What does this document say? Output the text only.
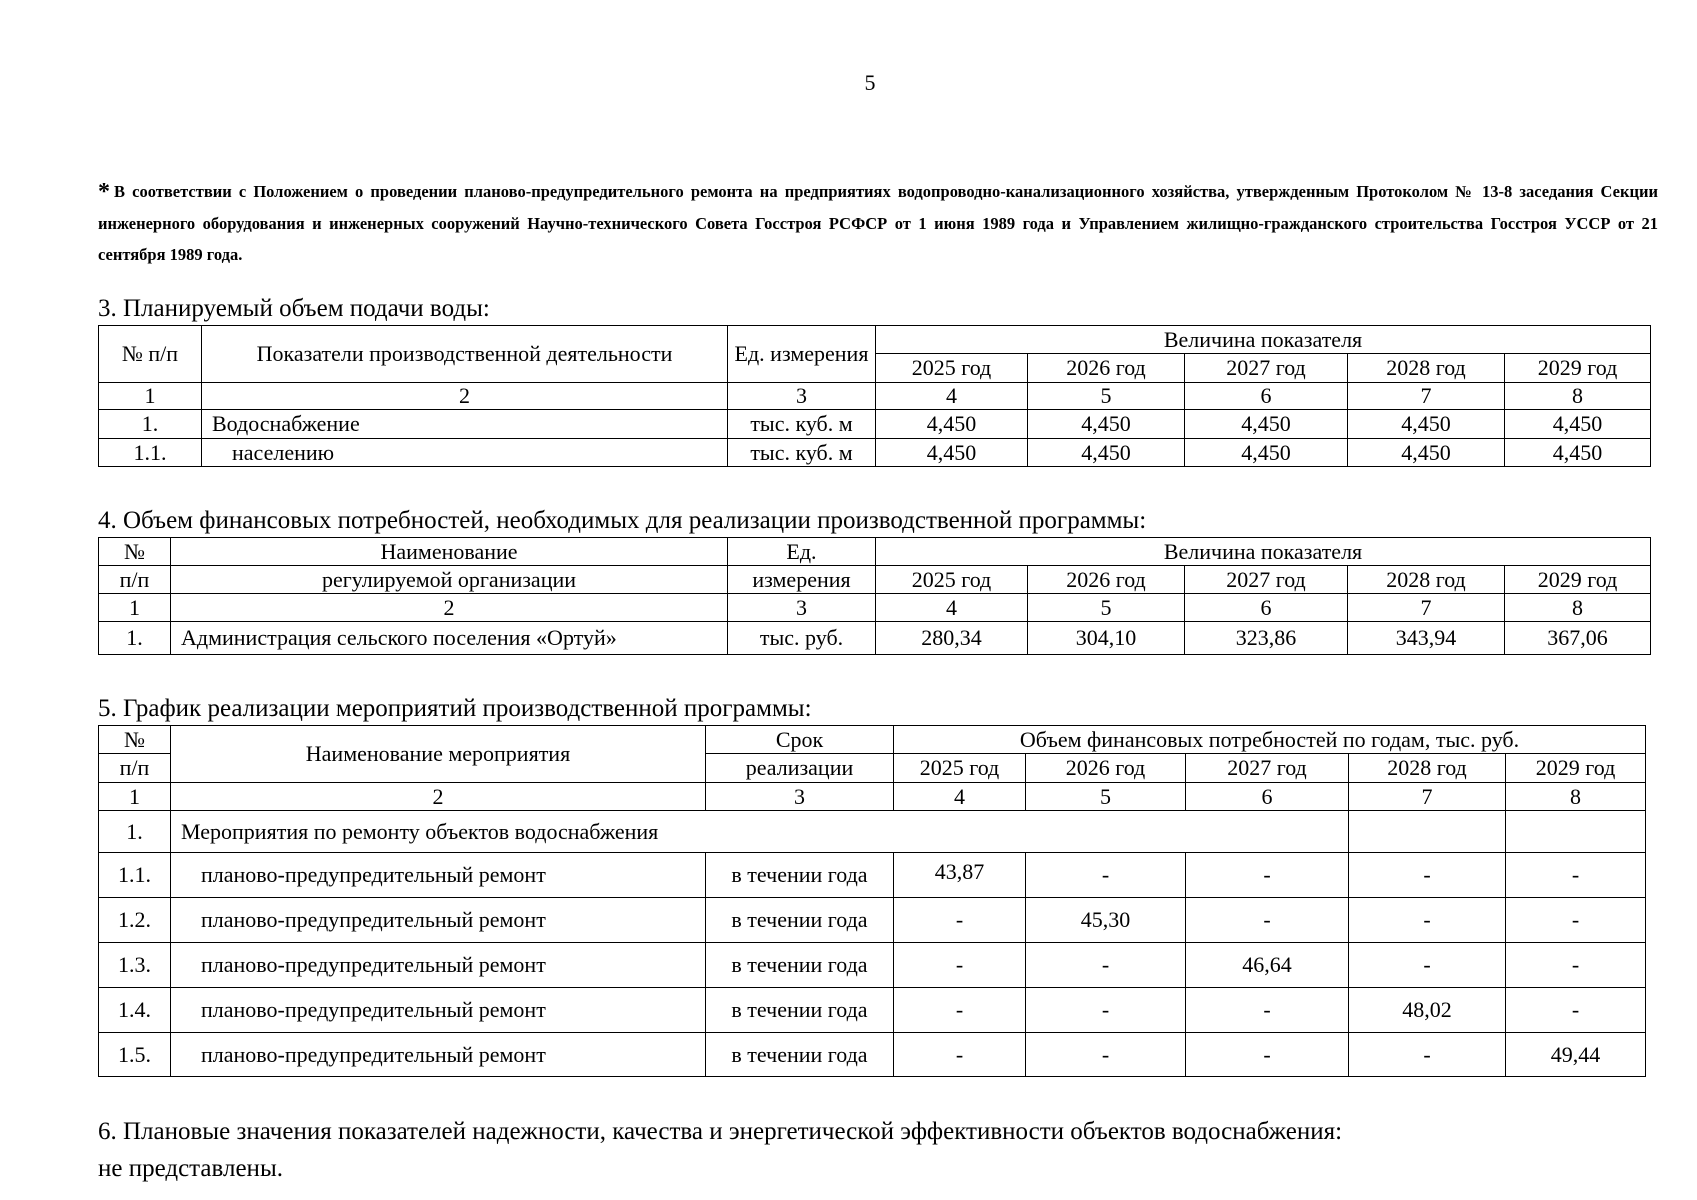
5
* В соответствии с Положением о проведении планово-предупредительного ремонта на предприятиях водопроводно-канализационного хозяйства, утвержденным Протоколом № 13-8 заседания Секции инженерного оборудования и инженерных сооружений Научно-технического Совета Госстроя РСФСР от 1 июня 1989 года и Управлением жилищно-гражданского строительства Госстроя УССР от 21 сентября 1989 года.
3. Планируемый объем подачи воды:
№ п/п	Показатели производственной деятельности	Ед. измерения	Величина показателя				
			2025 год	2026 год	2027 год	2028 год	2029 год
1	2	3	4	5	6	7	8
1.	Водоснабжение	тыс. куб. м	4,450	4,450	4,450	4,450	4,450
1.1.	населению	тыс. куб. м	4,450	4,450	4,450	4,450	4,450
4. Объем финансовых потребностей, необходимых для реализации производственной программы:
№	Наименование	Ед.	Величина показателя				
п/п	регулируемой организации	измерения	2025 год	2026 год	2027 год	2028 год	2029 год
1	2	3	4	5	6	7	8
1.	Администрация сельского поселения «Ортуй»	тыс. руб.	280,34	304,10	323,86	343,94	367,06
5. График реализации мероприятий производственной программы:
№	Наименование мероприятия	Срок	Объем финансовых потребностей по годам, тыс. руб.				
п/п		реализации	2025 год	2026 год	2027 год	2028 год	2029 год
1	2	3	4	5	6	7	8
1.	Мероприятия по ремонту объектов водоснабжения						
1.1.	планово-предупредительный ремонт	в течении года	43,87	-	-	-	-
1.2.	планово-предупредительный ремонт	в течении года	-	45,30	-	-	-
1.3.	планово-предупредительный ремонт	в течении года	-	-	46,64	-	-
1.4.	планово-предупредительный ремонт	в течении года	-	-	-	48,02	-
1.5.	планово-предупредительный ремонт	в течении года	-	-	-	-	49,44
6. Плановые значения показателей надежности, качества и энергетической эффективности объектов водоснабжения:
не представлены.
